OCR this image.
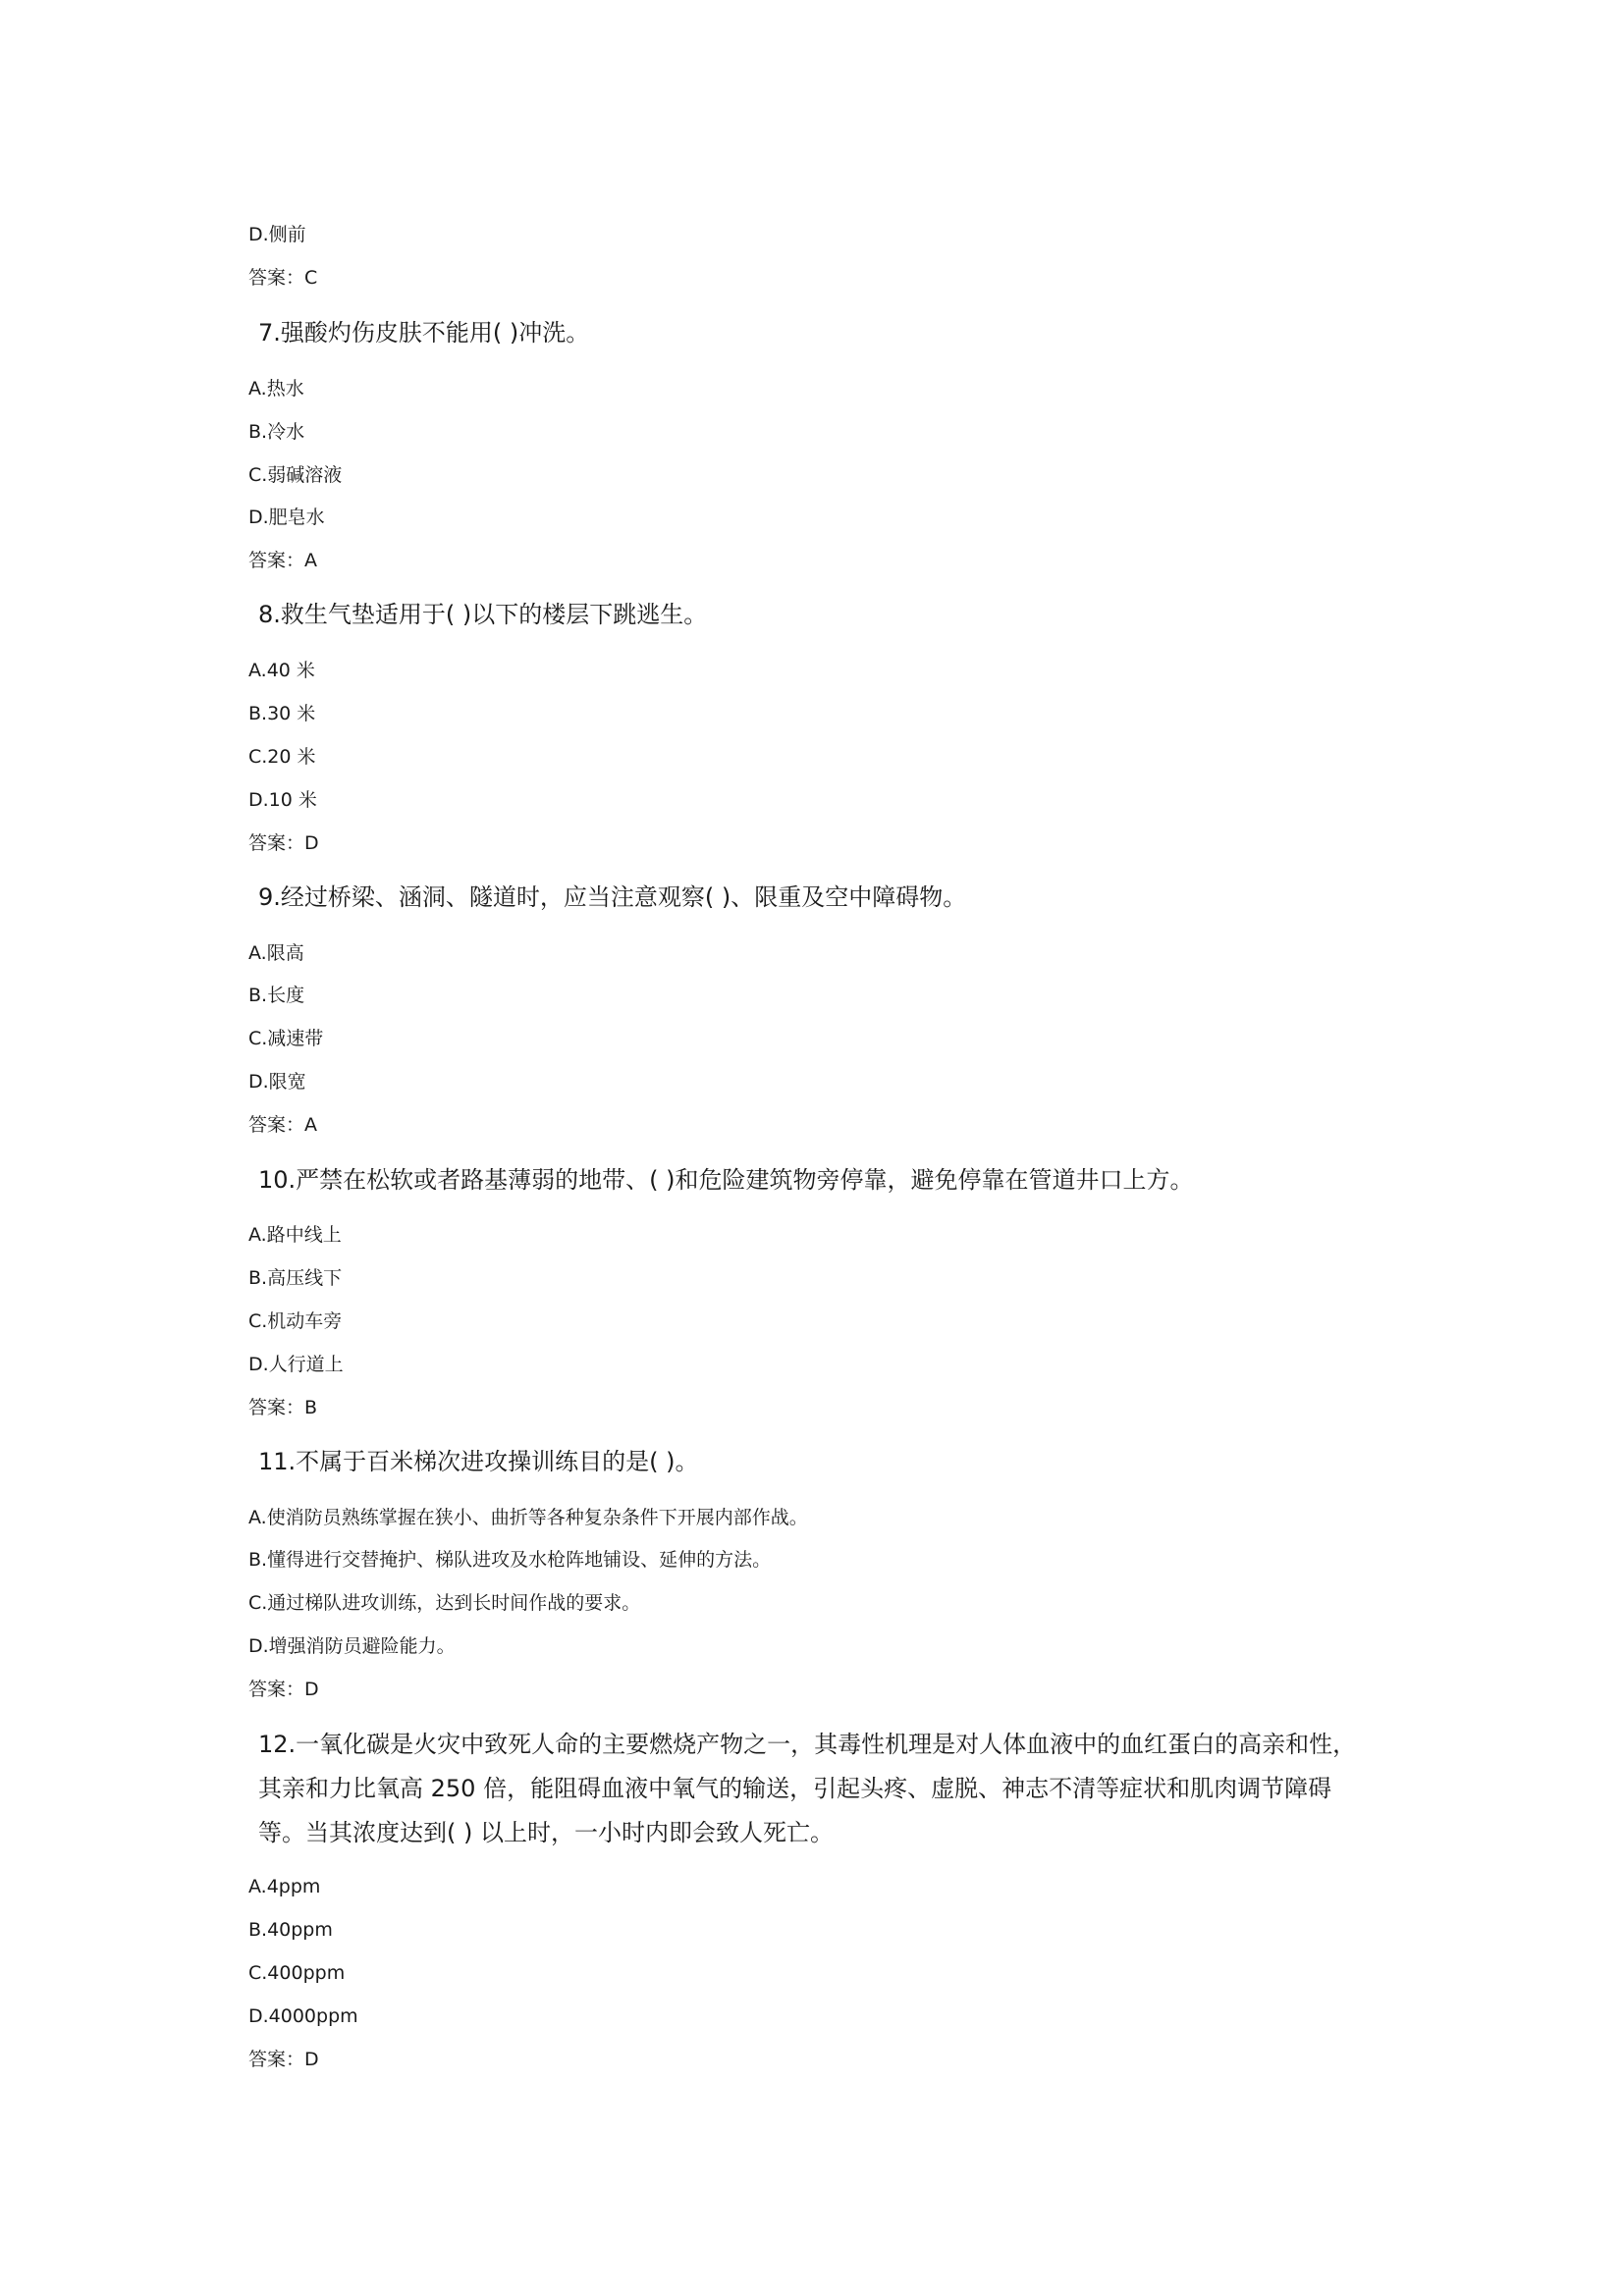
D.侧前
答案：C
7.强酸灼伤皮肤不能用( )冲洗。
A.热水
B.冷水
C.弱碱溶液
D.肥皂水
答案：A
8.救生气垫适用于( )以下的楼层下跳逃生。
A.40 米
B.30 米
C.20 米
D.10 米
答案：D
9.经过桥梁、涵洞、隧道时，应当注意观察( )、限重及空中障碍物。
A.限高
B.长度
C.减速带
D.限宽
答案：A
10.严禁在松软或者路基薄弱的地带、( )和危险建筑物旁停靠，避免停靠在管道井口上方。
A.路中线上
B.高压线下
C.机动车旁
D.人行道上
答案：B
11.不属于百米梯次进攻操训练目的是( )。
A.使消防员熟练掌握在狭小、曲折等各种复杂条件下开展内部作战。
B.懂得进行交替掩护、梯队进攻及水枪阵地铺设、延伸的方法。
C.通过梯队进攻训练，达到长时间作战的要求。
D.增强消防员避险能力。
答案：D
12.一氧化碳是火灾中致死人命的主要燃烧产物之一，其毒性机理是对人体血液中的血红蛋白的高亲和性，其亲和力比氧高 250 倍，能阻碍血液中氧气的输送，引起头疼、虚脱、神志不清等症状和肌肉调节障碍等。当其浓度达到( ) 以上时，一小时内即会致人死亡。
A.4ppm
B.40ppm
C.400ppm
D.4000ppm
答案：D
